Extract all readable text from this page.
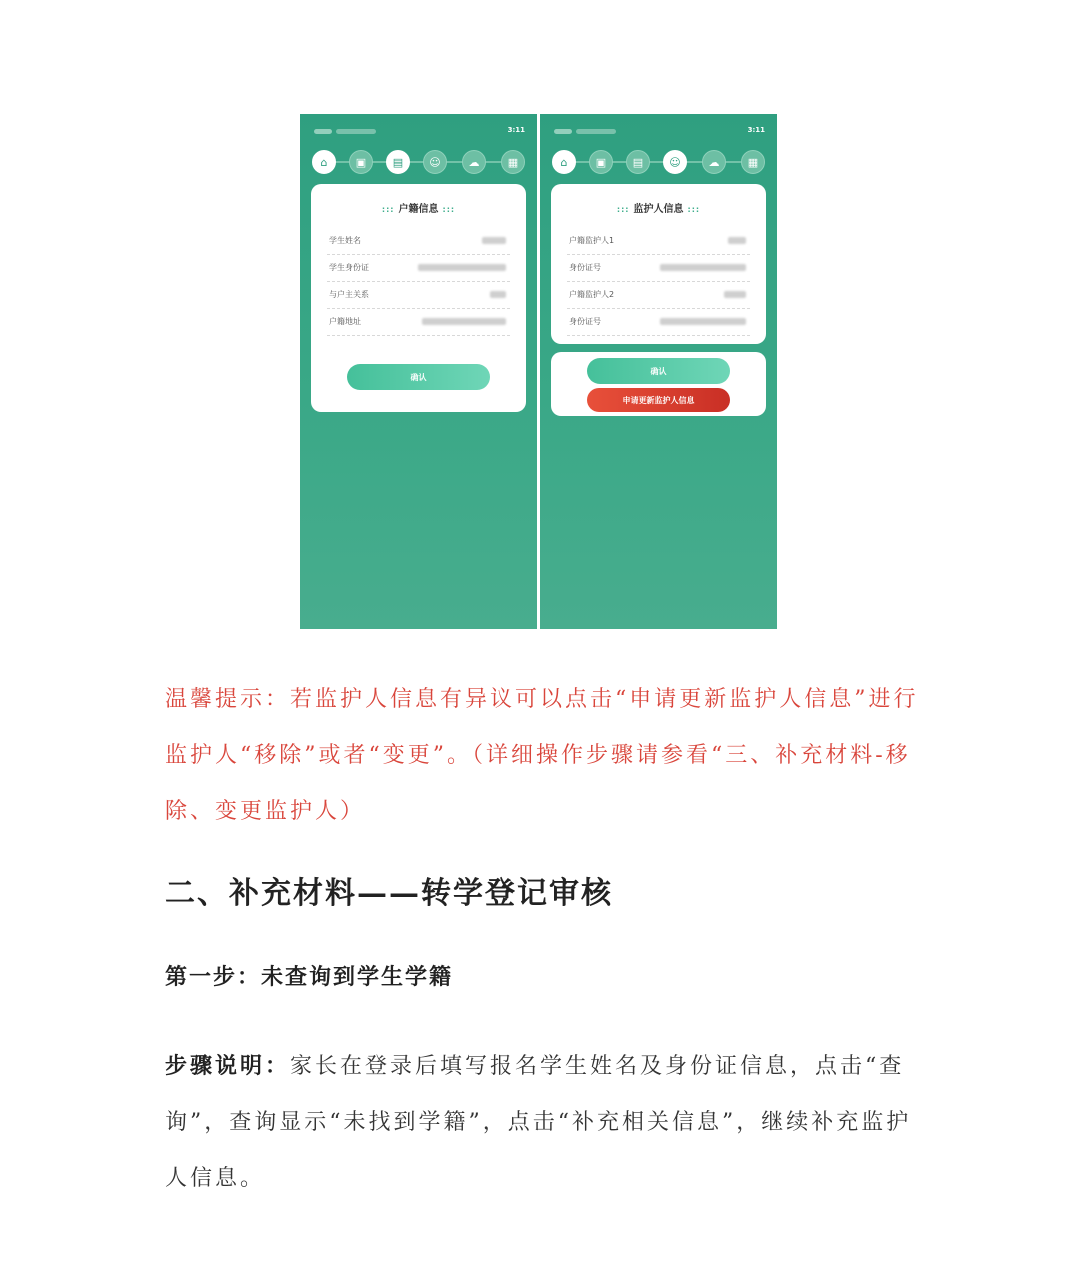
3:11
⌂	▣	▤	☺	☁	▦
::: 户籍信息 :::
学生姓名
学生身份证
与户主关系
户籍地址
确认
3:11
⌂	▣	▤	☺	☁	▦
::: 监护人信息 :::
户籍监护人1
身份证号
户籍监护人2
身份证号
确认
申请更新监护人信息
温馨提示：若监护人信息有异议可以点击“申请更新监护人信息”进行监护人“移除”或者“变更”。（详细操作步骤请参看“三、补充材料-移除、变更监护人）
二、补充材料——转学登记审核
第一步：未查询到学生学籍
步骤说明：家长在登录后填写报名学生姓名及身份证信息，点击“查询”，查询显示“未找到学籍”，点击“补充相关信息”，继续补充监护人信息。
